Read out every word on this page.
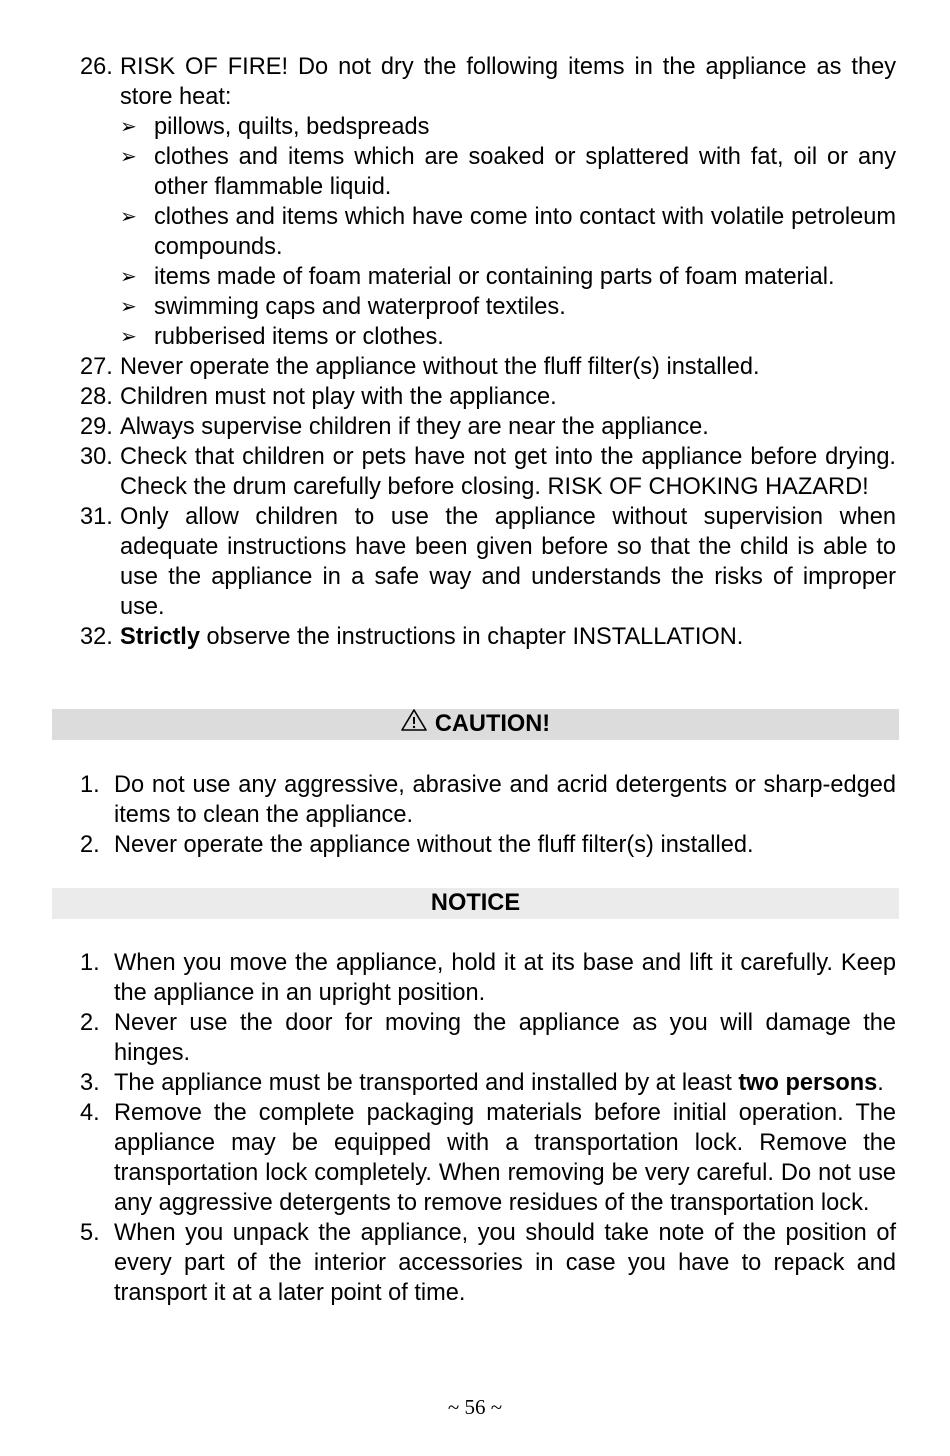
26. RISK OF FIRE! Do not dry the following items in the appliance as they store heat:
➢ pillows, quilts, bedspreads
➢ clothes and items which are soaked or splattered with fat, oil or any other flammable liquid.
➢ clothes and items which have come into contact with volatile petroleum compounds.
➢ items made of foam material or containing parts of foam material.
➢ swimming caps and waterproof textiles.
➢ rubberised items or clothes.
27. Never operate the appliance without the fluff filter(s) installed.
28. Children must not play with the appliance.
29. Always supervise children if they are near the appliance.
30. Check that children or pets have not get into the appliance before drying. Check the drum carefully before closing. RISK OF CHOKING HAZARD!
31. Only allow children to use the appliance without supervision when adequate instructions have been given before so that the child is able to use the appliance in a safe way and understands the risks of improper use.
32. Strictly observe the instructions in chapter INSTALLATION.
CAUTION!
1. Do not use any aggressive, abrasive and acrid detergents or sharp-edged items to clean the appliance.
2. Never operate the appliance without the fluff filter(s) installed.
NOTICE
1. When you move the appliance, hold it at its base and lift it carefully. Keep the appliance in an upright position.
2. Never use the door for moving the appliance as you will damage the hinges.
3. The appliance must be transported and installed by at least two persons.
4. Remove the complete packaging materials before initial operation. The appliance may be equipped with a transportation lock. Remove the transportation lock completely. When removing be very careful. Do not use any aggressive detergents to remove residues of the transportation lock.
5. When you unpack the appliance, you should take note of the position of every part of the interior accessories in case you have to repack and transport it at a later point of time.
~ 56 ~
